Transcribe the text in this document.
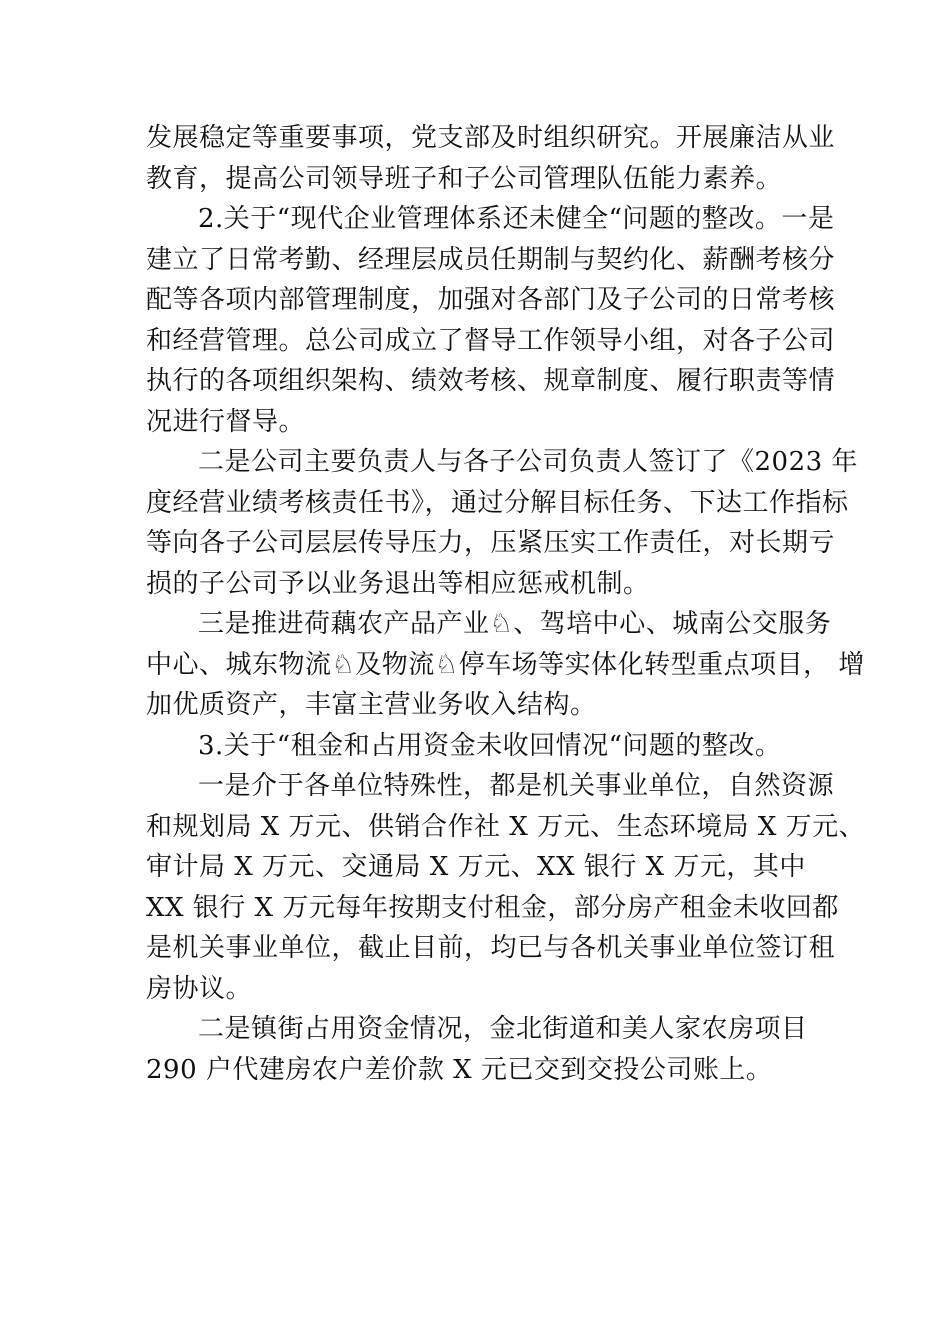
发展稳定等重要事项，党支部及时组织研究。开展廉洁从业
教育，提高公司领导班子和子公司管理队伍能力素养。
2.关于“现代企业管理体系还未健全“问题的整改。一是
建立了日常考勤、经理层成员任期制与契约化、薪酬考核分
配等各项内部管理制度，加强对各部门及子公司的日常考核
和经营管理。总公司成立了督导工作领导小组，对各子公司
执行的各项组织架构、绩效考核、规章制度、履行职责等情
况进行督导。
二是公司主要负责人与各子公司负责人签订了《2023 年
度经营业绩考核责任书》，通过分解目标任务、下达工作指标
等向各子公司层层传导压力，压紧压实工作责任，对长期亏
损的子公司予以业务退出等相应惩戒机制。
三是推进荷藕农产品产业♘、驾培中心、城南公交服务
中心、城东物流♘及物流♘停车场等实体化转型重点项目， 增
加优质资产，丰富主营业务收入结构。
3.关于“租金和占用资金未收回情况“问题的整改。
一是介于各单位特殊性，都是机关事业单位，自然资源
和规划局 X 万元、供销合作社 X 万元、生态环境局 X 万元、
审计局 X 万元、交通局 X 万元、XX 银行 X 万元，其中
XX 银行 X 万元每年按期支付租金，部分房产租金未收回都
是机关事业单位，截止目前，均已与各机关事业单位签订租
房协议。
二是镇街占用资金情况，金北街道和美人家农房项目
290 户代建房农户差价款 X 元已交到交投公司账上。
